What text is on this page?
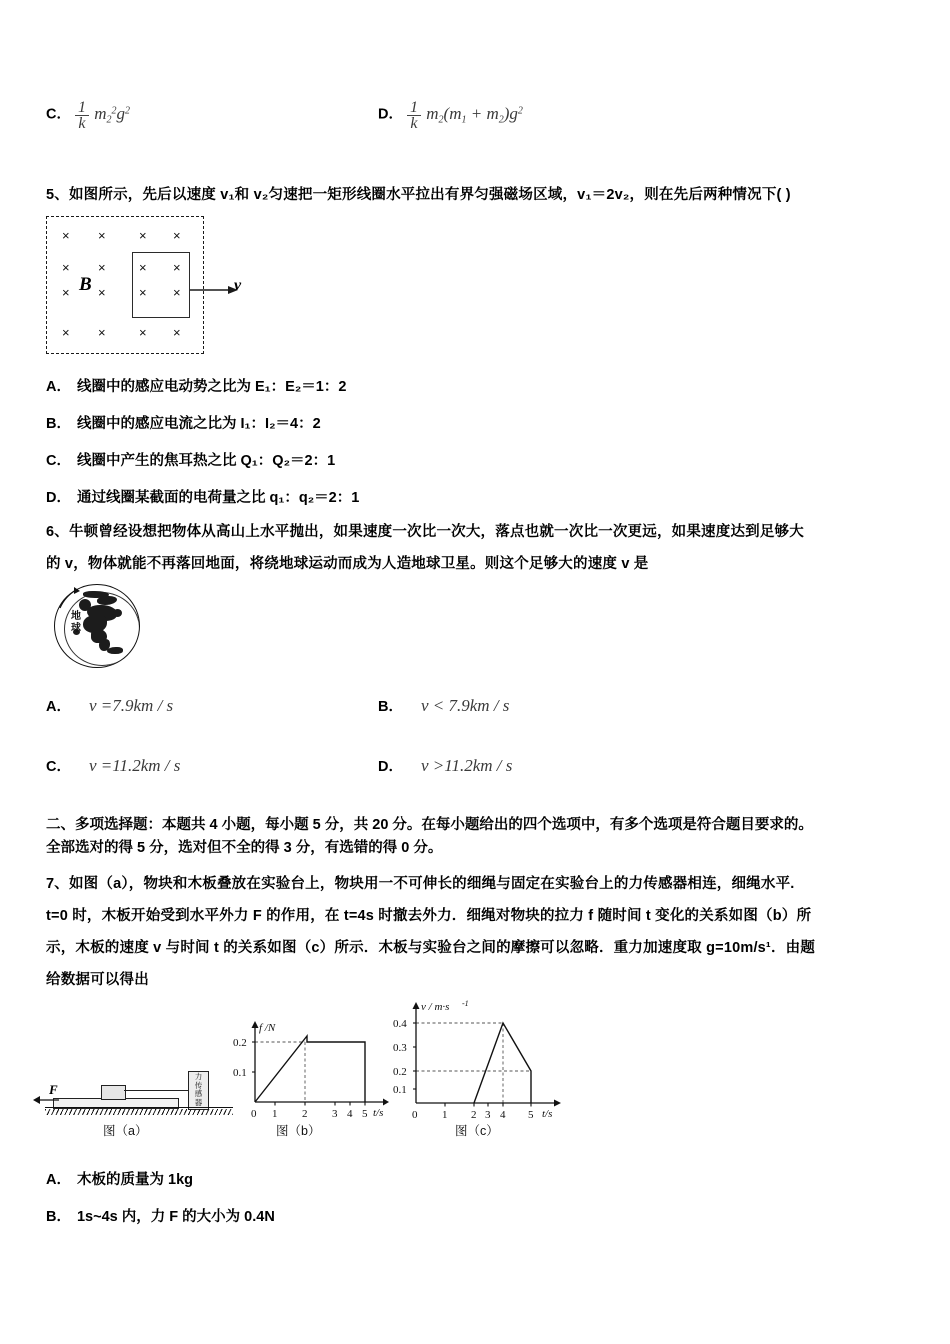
C． $\frac{1}{k} m_2^2g^2$	D． $\frac{1}{k} m_2(m_1 + m_2)g^2$
5、如图所示，先后以速度 v₁和 v₂匀速把一矩形线圈水平拉出有界匀强磁场区域，v₁＝2v₂，则在先后两种情况下( )
× ×	× ×
× ×	× ×
× ×	× ×
× ×	× ×
B	v
A． 线圈中的感应电动势之比为 E₁：E₂＝1：2
B． 线圈中的感应电流之比为 I₁：I₂＝4：2
C． 线圈中产生的焦耳热之比 Q₁：Q₂＝2：1
D． 通过线圈某截面的电荷量之比 q₁：q₂＝2：1
6、牛顿曾经设想把物体从高山上水平抛出，如果速度一次比一次大，落点也就一次比一次更远，如果速度达到足够大
的 v，物体就能不再落回地面，将绕地球运动而成为人造地球卫星。则这个足够大的速度 v 是
地
球
A． v =7.9km / s	B． v < 7.9km / s
C． v =11.2km / s	D． v >11.2km / s
二、多项选择题：本题共 4 小题，每小题 5 分，共 20 分。在每小题给出的四个选项中，有多个选项是符合题目要求的。
全部选对的得 5 分，选对但不全的得 3 分，有选错的得 0 分。
7、如图（a），物块和木板叠放在实验台上，物块用一不可伸长的细绳与固定在实验台上的力传感器相连，细绳水平.
t=0 时，木板开始受到水平外力 F 的作用，在 t=4s 时撤去外力．细绳对物块的拉力 f 随时间 t 变化的关系如图（b）所
示，木板的速度 v 与时间 t 的关系如图（c）所示．木板与实验台之间的摩擦可以忽略．重力加速度取 g=10m/s¹．由题
给数据可以得出
力
传
感
器
F
图（a）
0.1
0.2
0 1 2 3 4 5
f /N
t/s
图（b）
0.4
0.3
0.2
0.1
0 1 2 3 4 5
v / m·s -1
t/s
图（c）
A． 木板的质量为 1kg
B． 1s~4s 内，力 F 的大小为 0.4N
